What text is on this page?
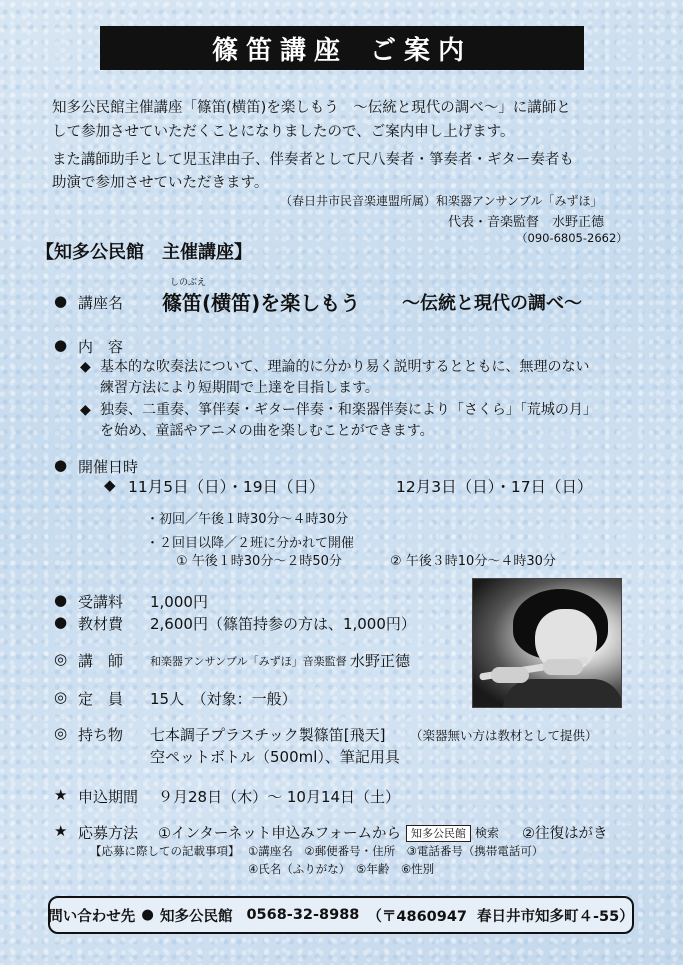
篠笛講座 ご案内
知多公民館主催講座「篠笛(横笛)を楽しもう　～伝統と現代の調べ～」に講師と
して参加させていただくことになりましたので、ご案内申し上げます。
また講師助手として児玉津由子、伴奏者として尺八奏者・箏奏者・ギター奏者も
助演で参加させていただきます。
（春日井市民音楽連盟所属）和楽器アンサンブル「みずほ」
代表・音楽監督　水野正德
（090-6805-2662）
【知多公民館　主催講座】
● 講座名
しのぶえ
篠笛(横笛)を楽しもう ～伝統と現代の調べ～
● 内　容
◆ 基本的な吹奏法について、理論的に分かり易く説明するとともに、無理のない
練習方法により短期間で上達を目指します。
◆ 独奏、二重奏、箏伴奏・ギター伴奏・和楽器伴奏により「さくら」「荒城の月」
を始め、童謡やアニメの曲を楽しむことができます。
● 開催日時
◆ 11月5日（日）・19日（日）	12月3日（日）・17日（日）
・初回／午後１時30分～４時30分
・２回目以降／２班に分かれて開催
① 午後１時30分～２時50分	② 午後３時10分～４時30分
● 受講料 1,000円
● 教材費 2,600円（篠笛持参の方は、1,000円）
◎ 講　師 和楽器アンサンブル「みずほ」音楽監督 水野正德
◎ 定　員 15人　（対象：一般）
◎ 持ち物 七本調子プラスチック製篠笛[飛天] （楽器無い方は教材として提供）
空ペットボトル（500ml）、筆記用具
★ 申込期間 ９月28日（木）～ 10月14日（土）
★ 応募方法 ①インターネット申込みフォームから 知多公民館 検索 ②往復はがき
【応募に際しての記載事項】 ①講座名　②郵便番号・住所　③電話番号（携帯電話可）
④氏名（ふりがな）　⑤年齢　⑥性別
問い合わせ先 ● 知多公民館 0568-32-8988 （〒4860947 春日井市知多町４-55）
